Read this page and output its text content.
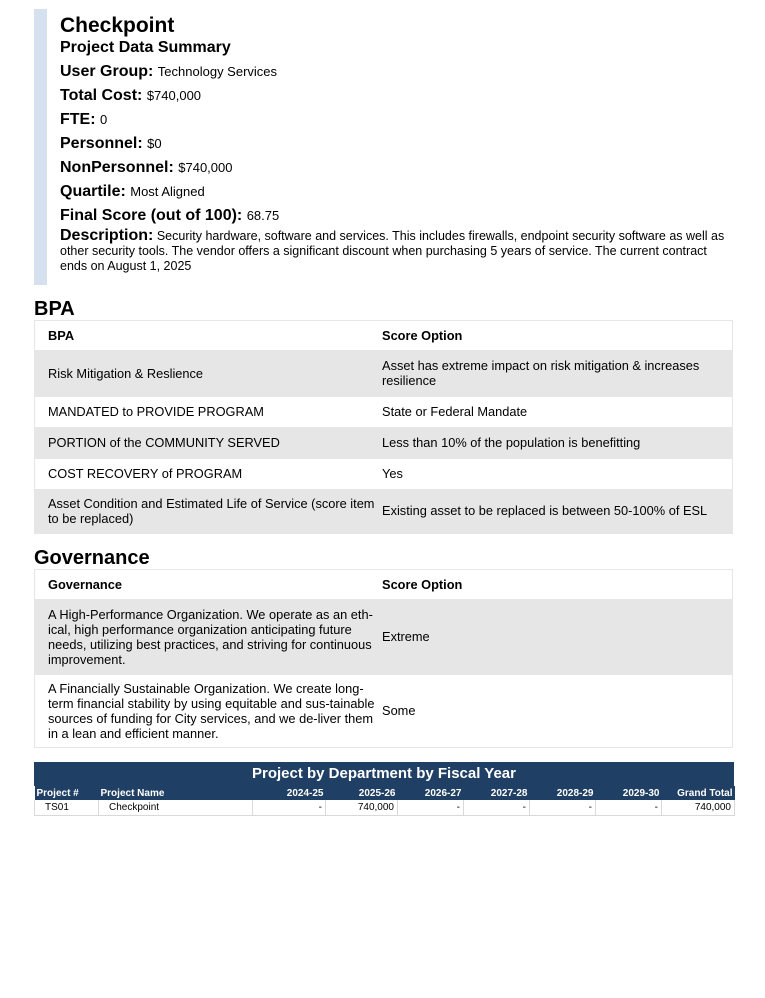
Checkpoint
Project Data Summary
User Group: Technology Services
Total Cost: $740,000
FTE: 0
Personnel: $0
NonPersonnel: $740,000
Quartile: Most Aligned
Final Score (out of 100): 68.75
Description: Security hardware, software and services. This includes firewalls, endpoint security software as well as other security tools. The vendor offers a significant discount when purchasing 5 years of service. The current contract ends on August 1, 2025
BPA
BPA	Score Option
Risk Mitigation & Reslience	Asset has extreme impact on risk mitigation & increases resilience
MANDATED to PROVIDE PROGRAM	State or Federal Mandate
PORTION of the COMMUNITY SERVED	Less than 10% of the population is benefitting
COST RECOVERY of PROGRAM	Yes
Asset Condition and Estimated Life of Service (score item to be replaced)	Existing asset to be replaced is between 50-100% of ESL
Governance
Governance	Score Option
A High-Performance Organization. We operate as an eth-ical, high performance organization anticipating future needs, utilizing best practices, and striving for continuous improvement.	Extreme
A Financially Sustainable Organization. We create long-term financial stability by using equitable and sus-tainable sources of funding for City services, and we de-liver them in a lean and efficient manner.	Some
Project by Department by Fiscal Year
Project #	Project Name	2024-25	2025-26	2026-27	2027-28	2028-29	2029-30	Grand Total
TS01	Checkpoint	-	740,000	-	-	-	-	740,000
